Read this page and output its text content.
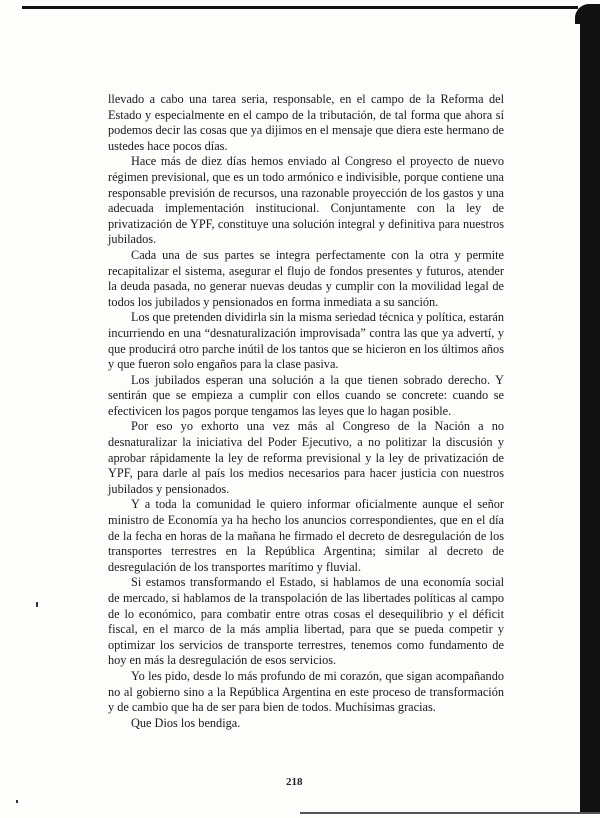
llevado a cabo una tarea seria, responsable, en el campo de la Reforma del Estado y especialmente en el campo de la tributación, de tal forma que ahora sí podemos decir las cosas que ya dijimos en el mensaje que diera este hermano de ustedes hace pocos días.

Hace más de diez días hemos enviado al Congreso el proyecto de nuevo régimen previsional, que es un todo armónico e indivisible, porque contiene una responsable previsión de recursos, una razonable proyección de los gastos y una adecuada implementación institucional. Conjuntamente con la ley de privatización de YPF, constituye una solución integral y definitiva para nuestros jubilados.

Cada una de sus partes se integra perfectamente con la otra y permite recapitalizar el sistema, asegurar el flujo de fondos presentes y futuros, atender la deuda pasada, no generar nuevas deudas y cumplir con la movilidad legal de todos los jubilados y pensionados en forma inmediata a su sanción.

Los que pretenden dividirla sin la misma seriedad técnica y política, estarán incurriendo en una “desnaturalización improvisada” contra las que ya advertí, y que producirá otro parche inútil de los tantos que se hicieron en los últimos años y que fueron solo engaños para la clase pasiva.

Los jubilados esperan una solución a la que tienen sobrado derecho. Y sentirán que se empieza a cumplir con ellos cuando se concrete: cuando se efectivicen los pagos porque tengamos las leyes que lo hagan posible.

Por eso yo exhorto una vez más al Congreso de la Nación a no desnaturalizar la iniciativa del Poder Ejecutivo, a no politizar la discusión y aprobar rápidamente la ley de reforma previsional y la ley de privatización de YPF, para darle al país los medios necesarios para hacer justicia con nuestros jubilados y pensionados.

Y a toda la comunidad le quiero informar oficialmente aunque el señor ministro de Economía ya ha hecho los anuncios correspondientes, que en el día de la fecha en horas de la mañana he firmado el decreto de desregulación de los transportes terrestres en la República Argentina; similar al decreto de desregulación de los transportes marítimo y fluvial.

Si estamos transformando el Estado, si hablamos de una economía social de mercado, si hablamos de la transpolación de las libertades políticas al campo de lo económico, para combatir entre otras cosas el desequilibrio y el déficit fiscal, en el marco de la más amplia libertad, para que se pueda competir y optimizar los servicios de transporte terrestres, tenemos como fundamento de hoy en más la desregulación de esos servicios.

Yo les pido, desde lo más profundo de mi corazón, que sigan acompañando no al gobierno sino a la República Argentina en este proceso de transformación y de cambio que ha de ser para bien de todos. Muchísimas gracias.

Que Dios los bendiga.

218
